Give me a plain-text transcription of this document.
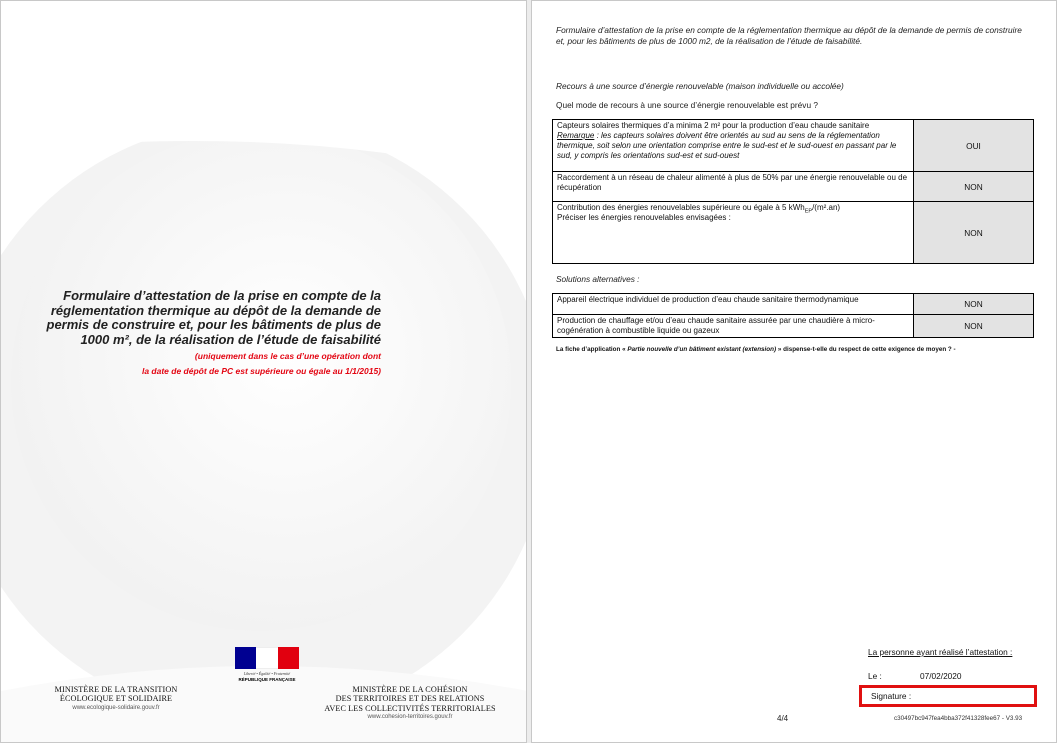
Formulaire d’attestation de la prise en compte de la réglementation thermique au dépôt de la demande de permis de construire et, pour les bâtiments de plus de 1000 m², de la réalisation de l’étude de faisabilité
(uniquement dans le cas d’une opération dont
la date de dépôt de PC est supérieure ou égale au 1/1/2015)
Liberté • Égalité • Fraternité
RÉPUBLIQUE FRANÇAISE
MINISTÈRE DE LA TRANSITION
ÉCOLOGIQUE ET SOLIDAIRE
www.ecologique-solidaire.gouv.fr
MINISTÈRE DE LA COHÉSION
DES TERRITOIRES ET DES RELATIONS
AVEC LES COLLECTIVITÉS TERRITORIALES
www.cohesion-territoires.gouv.fr
Formulaire d’attestation de la prise en compte de la réglementation thermique au dépôt de la demande de permis de construire et, pour les bâtiments de plus de 1000 m2, de la réalisation de l’étude de faisabilité.
Recours à une source d’énergie renouvelable (maison individuelle ou accolée)
Quel mode de recours à une source d’énergie renouvelable est prévu ?
Capteurs solaires thermiques d’a minima 2 m² pour la production d’eau chaude sanitaire
Remarque : les capteurs solaires doivent être orientés au sud au sens de la réglementation thermique, soit selon une orientation comprise entre le sud-est et le sud-ouest en passant par le sud, y compris les orientations sud-est et sud-ouest	OUI
Raccordement à un réseau de chaleur alimenté à plus de 50% par une énergie renouvelable ou de récupération	NON
Contribution des énergies renouvelables supérieure ou égale à 5 kWh$_{EP}$/(m².an)
Préciser les énergies renouvelables envisagées :	NON
Solutions alternatives :
Appareil électrique individuel de production d’eau chaude sanitaire thermodynamique	NON
Production de chauffage et/ou d’eau chaude sanitaire assurée par une chaudière à micro-cogénération à combustible liquide ou gazeux	NON
La fiche d’application « Partie nouvelle d’un bâtiment existant (extension) » dispense-t-elle du respect de cette exigence de moyen ? -
La personne ayant réalisé l’attestation :
Le :	07/02/2020
Signature :
4/4	c30497bc947fea4bba372f41328fee67 - V3.93
